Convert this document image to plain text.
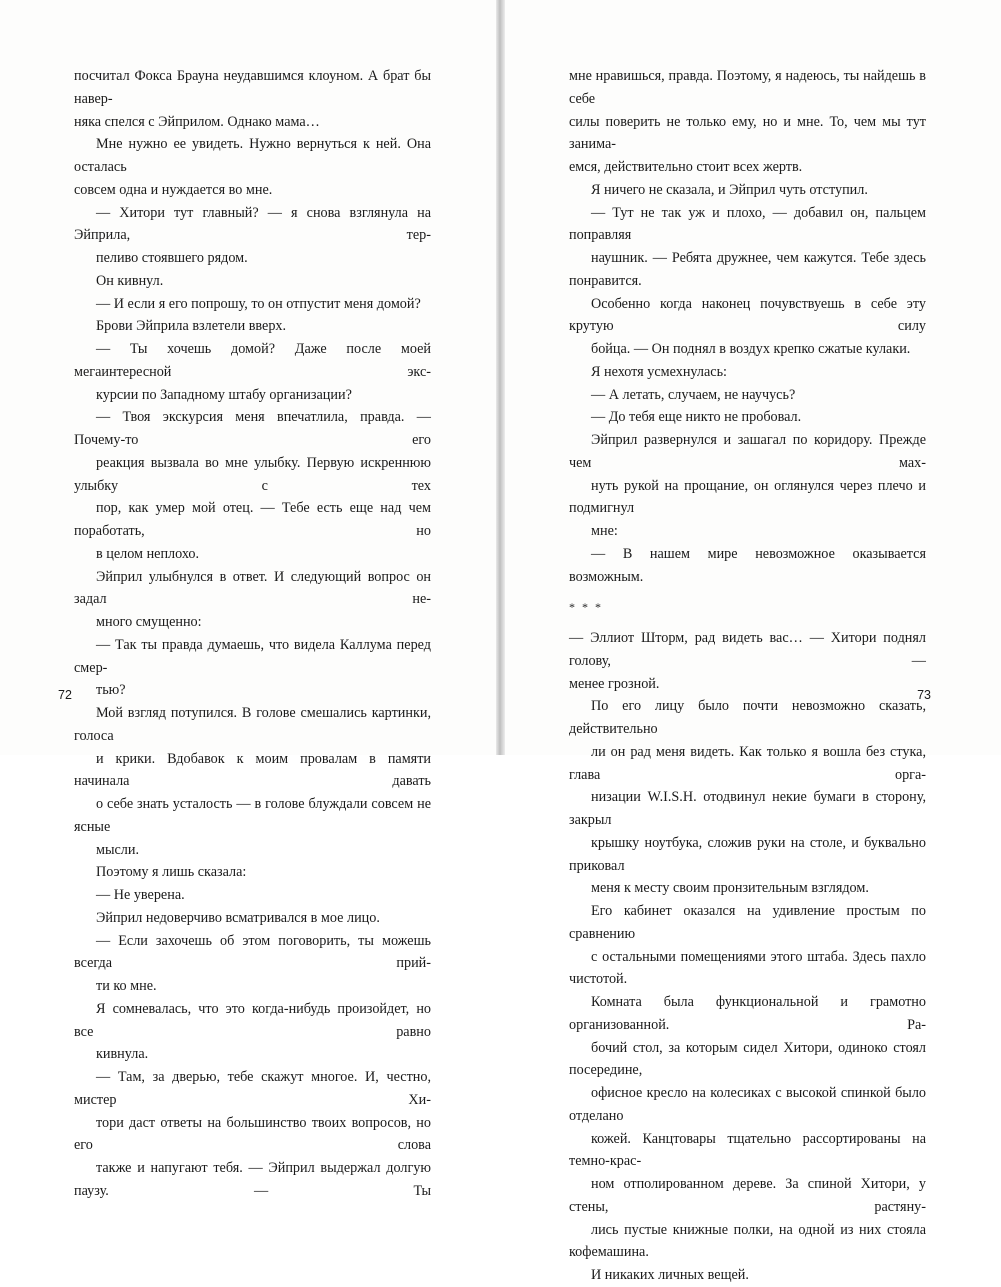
посчитал Фокса Брауна неудавшимся клоуном. А брат бы навер-
няка спелся с Эйприлом. Однако мама…

Мне нужно ее увидеть. Нужно вернуться к ней. Она осталась
совсем одна и нуждается во мне.

— Хитори тут главный? — я снова взглянула на Эйприла, тер-
пеливо стоявшего рядом.

Он кивнул.

— И если я его попрошу, то он отпустит меня домой?

Брови Эйприла взлетели вверх.

— Ты хочешь домой? Даже после моей мегаинтересной экс-
курсии по Западному штабу организации?

— Твоя экскурсия меня впечатлила, правда. — Почему-то его
реакция вызвала во мне улыбку. Первую искреннюю улыбку с тех
пор, как умер мой отец. — Тебе есть еще над чем поработать, но
в целом неплохо.

Эйприл улыбнулся в ответ. И следующий вопрос он задал не-
много смущенно:

— Так ты правда думаешь, что видела Каллума перед смер-
тью?

Мой взгляд потупился. В голове смешались картинки, голоса
и крики. Вдобавок к моим провалам в памяти начинала давать
о себе знать усталость — в голове блуждали совсем не ясные
мысли.

Поэтому я лишь сказала:

— Не уверена.

Эйприл недоверчиво всматривался в мое лицо.

— Если захочешь об этом поговорить, ты можешь всегда прий-
ти ко мне.

Я сомневалась, что это когда-нибудь произойдет, но все равно
кивнула.

— Там, за дверью, тебе скажут многое. И, честно, мистер Хи-
тори даст ответы на большинство твоих вопросов, но его слова
также и напугают тебя. — Эйприл выдержал долгую паузу. — Ты

72

мне нравишься, правда. Поэтому, я надеюсь, ты найдешь в себе
силы поверить не только ему, но и мне. То, чем мы тут занима-
емся, действительно стоит всех жертв.

Я ничего не сказала, и Эйприл чуть отступил.

— Тут не так уж и плохо, — добавил он, пальцем поправляя
наушник. — Ребята дружнее, чем кажутся. Тебе здесь понравится.
Особенно когда наконец почувствуешь в себе эту крутую силу
бойца. — Он поднял в воздух крепко сжатые кулаки.

Я нехотя усмехнулась:

— А летать, случаем, не научусь?

— До тебя еще никто не пробовал.

Эйприл развернулся и зашагал по коридору. Прежде чем мах-
нуть рукой на прощание, он оглянулся через плечо и подмигнул
мне:

— В нашем мире невозможное оказывается возможным.

* * *

— Эллиот Шторм, рад видеть вас… — Хитори поднял голову, —
менее грозной.

По его лицу было почти невозможно сказать, действительно
ли он рад меня видеть. Как только я вошла без стука, глава орга-
низации W.I.S.H. отодвинул некие бумаги в сторону, закрыл
крышку ноутбука, сложив руки на столе, и буквально приковал
меня к месту своим пронзительным взглядом.

Его кабинет оказался на удивление простым по сравнению
с остальными помещениями этого штаба. Здесь пахло чистотой.
Комната была функциональной и грамотно организованной. Ра-
бочий стол, за которым сидел Хитори, одиноко стоял посередине,
офисное кресло на колесиках с высокой спинкой было отделано
кожей. Канцтовары тщательно рассортированы на темно-крас-
ном отполированном дереве. За спиной Хитори, у стены, растяну-
лись пустые книжные полки, на одной из них стояла кофемашина.
И никаких личных вещей.

73
